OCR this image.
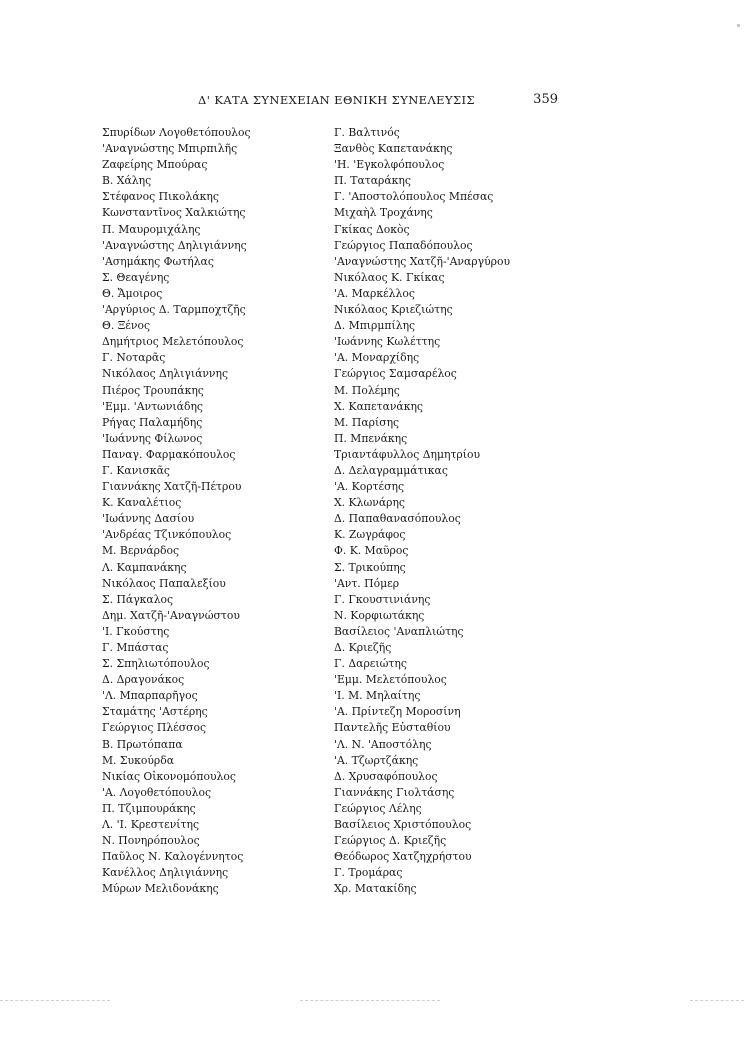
Δ' ΚΑΤΑ ΣΥΝΕΧΕΙΑΝ ΕΘΝΙΚΗ ΣΥΝΕΛΕΥΣΙΣ	359
Σπυρίδων Λογοθετόπουλος
'Αναγνώστης Μπιρπιλῆς
Ζαφείρης Μπούρας
Β. Χάλης
Στέφανος Πικολάκης
Κωνσταντῖνος Χαλκιώτης
Π. Μαυρομιχάλης
'Αναγνώστης Δηλιγιάννης
'Ασημάκης Φωτήλας
Σ. Θεαγένης
Θ. Ἄμοιρος
'Αργύριος Δ. Ταρμποχτζῆς
Θ. Ξένος
Δημήτριος Μελετόπουλος
Γ. Νοταρᾶς
Νικόλαος Δηλιγιάννης
Πιέρος Τρουπάκης
'Εμμ. 'Αντωνιάδης
Ρήγας Παλαμήδης
'Ιωάννης Φίλωνος
Παναγ. Φαρμακόπουλος
Γ. Κανισκᾶς
Γιαννάκης Χατζῆ-Πέτρου
Κ. Καναλέτιος
'Ιωάννης Δασίου
'Ανδρέας Τζινκόπουλος
Μ. Βερνάρδος
Λ. Καμπανάκης
Νικόλαος Παπαλεξίου
Σ. Πάγκαλος
Δημ. Χατζῆ-'Αναγνώστου
'Ι. Γκούστης
Γ. Μπάστας
Σ. Σπηλιωτόπουλος
Δ. Δραγονάκος
'Λ. Μπαρπαρῆγος
Σταμάτης 'Αστέρης
Γεώργιος Πλέσσος
Β. Πρωτόπαπα
Μ. Συκούρδα
Νικίας Οἰκονομόπουλος
'Α. Λογοθετόπουλος
Π. Τζιμπουράκης
Λ. 'Ι. Κρεστενίτης
Ν. Πονηρόπουλος
Παῦλος Ν. Καλογέννητος
Κανέλλος Δηλιγιάννης
Μύρων Μελιδονάκης
Γ. Βαλτινός
Ξανθὸς Καπετανάκης
'Η. 'Εγκολφόπουλος
Π. Ταταράκης
Γ. 'Αποστολόπουλος Μπέσας
Μιχαὴλ Τροχάνης
Γκίκας Δοκὸς
Γεώργιος Παπαδόπουλος
'Αναγνώστης Χατζῆ-'Αναργύρου
Νικόλαος Κ. Γκίκας
'Α. Μαρκέλλος
Νικόλαος Κριεζιώτης
Δ. Μπιρμπίλης
'Ιωάννης Κωλέττης
'Α. Μοναρχίδης
Γεώργιος Σαμσαρέλος
Μ. Πολέμης
Χ. Καπετανάκης
Μ. Παρίσης
Π. Μπενάκης
Τριαντάφυλλος Δημητρίου
Δ. Δελαγραμμάτικας
'Α. Κορτέσης
Χ. Κλωνάρης
Δ. Παπαθανασόπουλος
Κ. Ζωγράφος
Φ. Κ. Μαῦρος
Σ. Τρικούπης
'Αντ. Πόμερ
Γ. Γκουστινιάνης
Ν. Κορφιωτάκης
Βασίλειος 'Αναπλιώτης
Δ. Κριεζῆς
Γ. Δαρειώτης
'Εμμ. Μελετόπουλος
'Ι. Μ. Μηλαίτης
'Α. Πρίντεζη Μοροσίνη
Παντελῆς Εὐσταθίου
'Λ. Ν. 'Αποστόλης
'Α. Τζωρτζάκης
Δ. Χρυσαφόπουλος
Γιαννάκης Γιολτάσης
Γεώργιος Λέλης
Βασίλειος Χριστόπουλος
Γεώργιος Δ. Κριεζῆς
Θεόδωρος Χατζηχρήστου
Γ. Τρομάρας
Χρ. Ματακίδης
